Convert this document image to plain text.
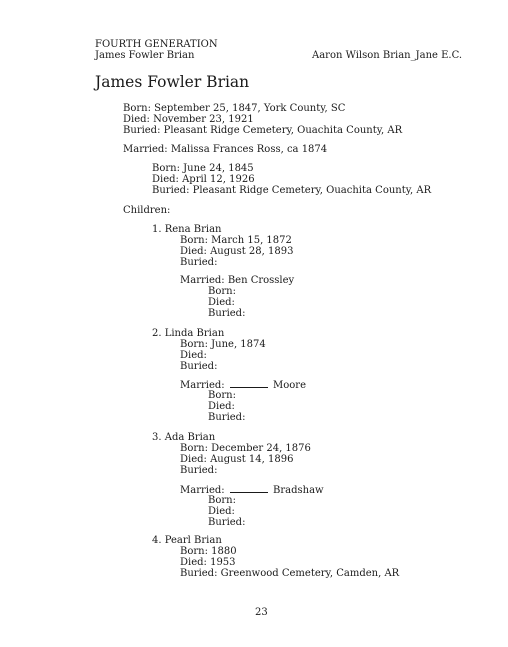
FOURTH GENERATION
James Fowler Brian	Aaron Wilson Brian_Jane E.C.
James Fowler Brian
Born: September 25, 1847, York County, SC
Died: November 23, 1921
Buried: Pleasant Ridge Cemetery, Ouachita County, AR
Married: Malissa Frances Ross, ca 1874
Born: June 24, 1845
Died: April 12, 1926
Buried: Pleasant Ridge Cemetery, Ouachita County, AR
Children:
1. Rena Brian
Born: March 15, 1872
Died: August 28, 1893
Buried:
Married: Ben Crossley
Born:
Died:
Buried:
2. Linda Brian
Born: June, 1874
Died:
Buried:
Married:	Moore
Born:
Died:
Buried:
3. Ada Brian
Born: December 24, 1876
Died: August 14, 1896
Buried:
Married:	Bradshaw
Born:
Died:
Buried:
4. Pearl Brian
Born: 1880
Died: 1953
Buried: Greenwood Cemetery, Camden, AR
23
